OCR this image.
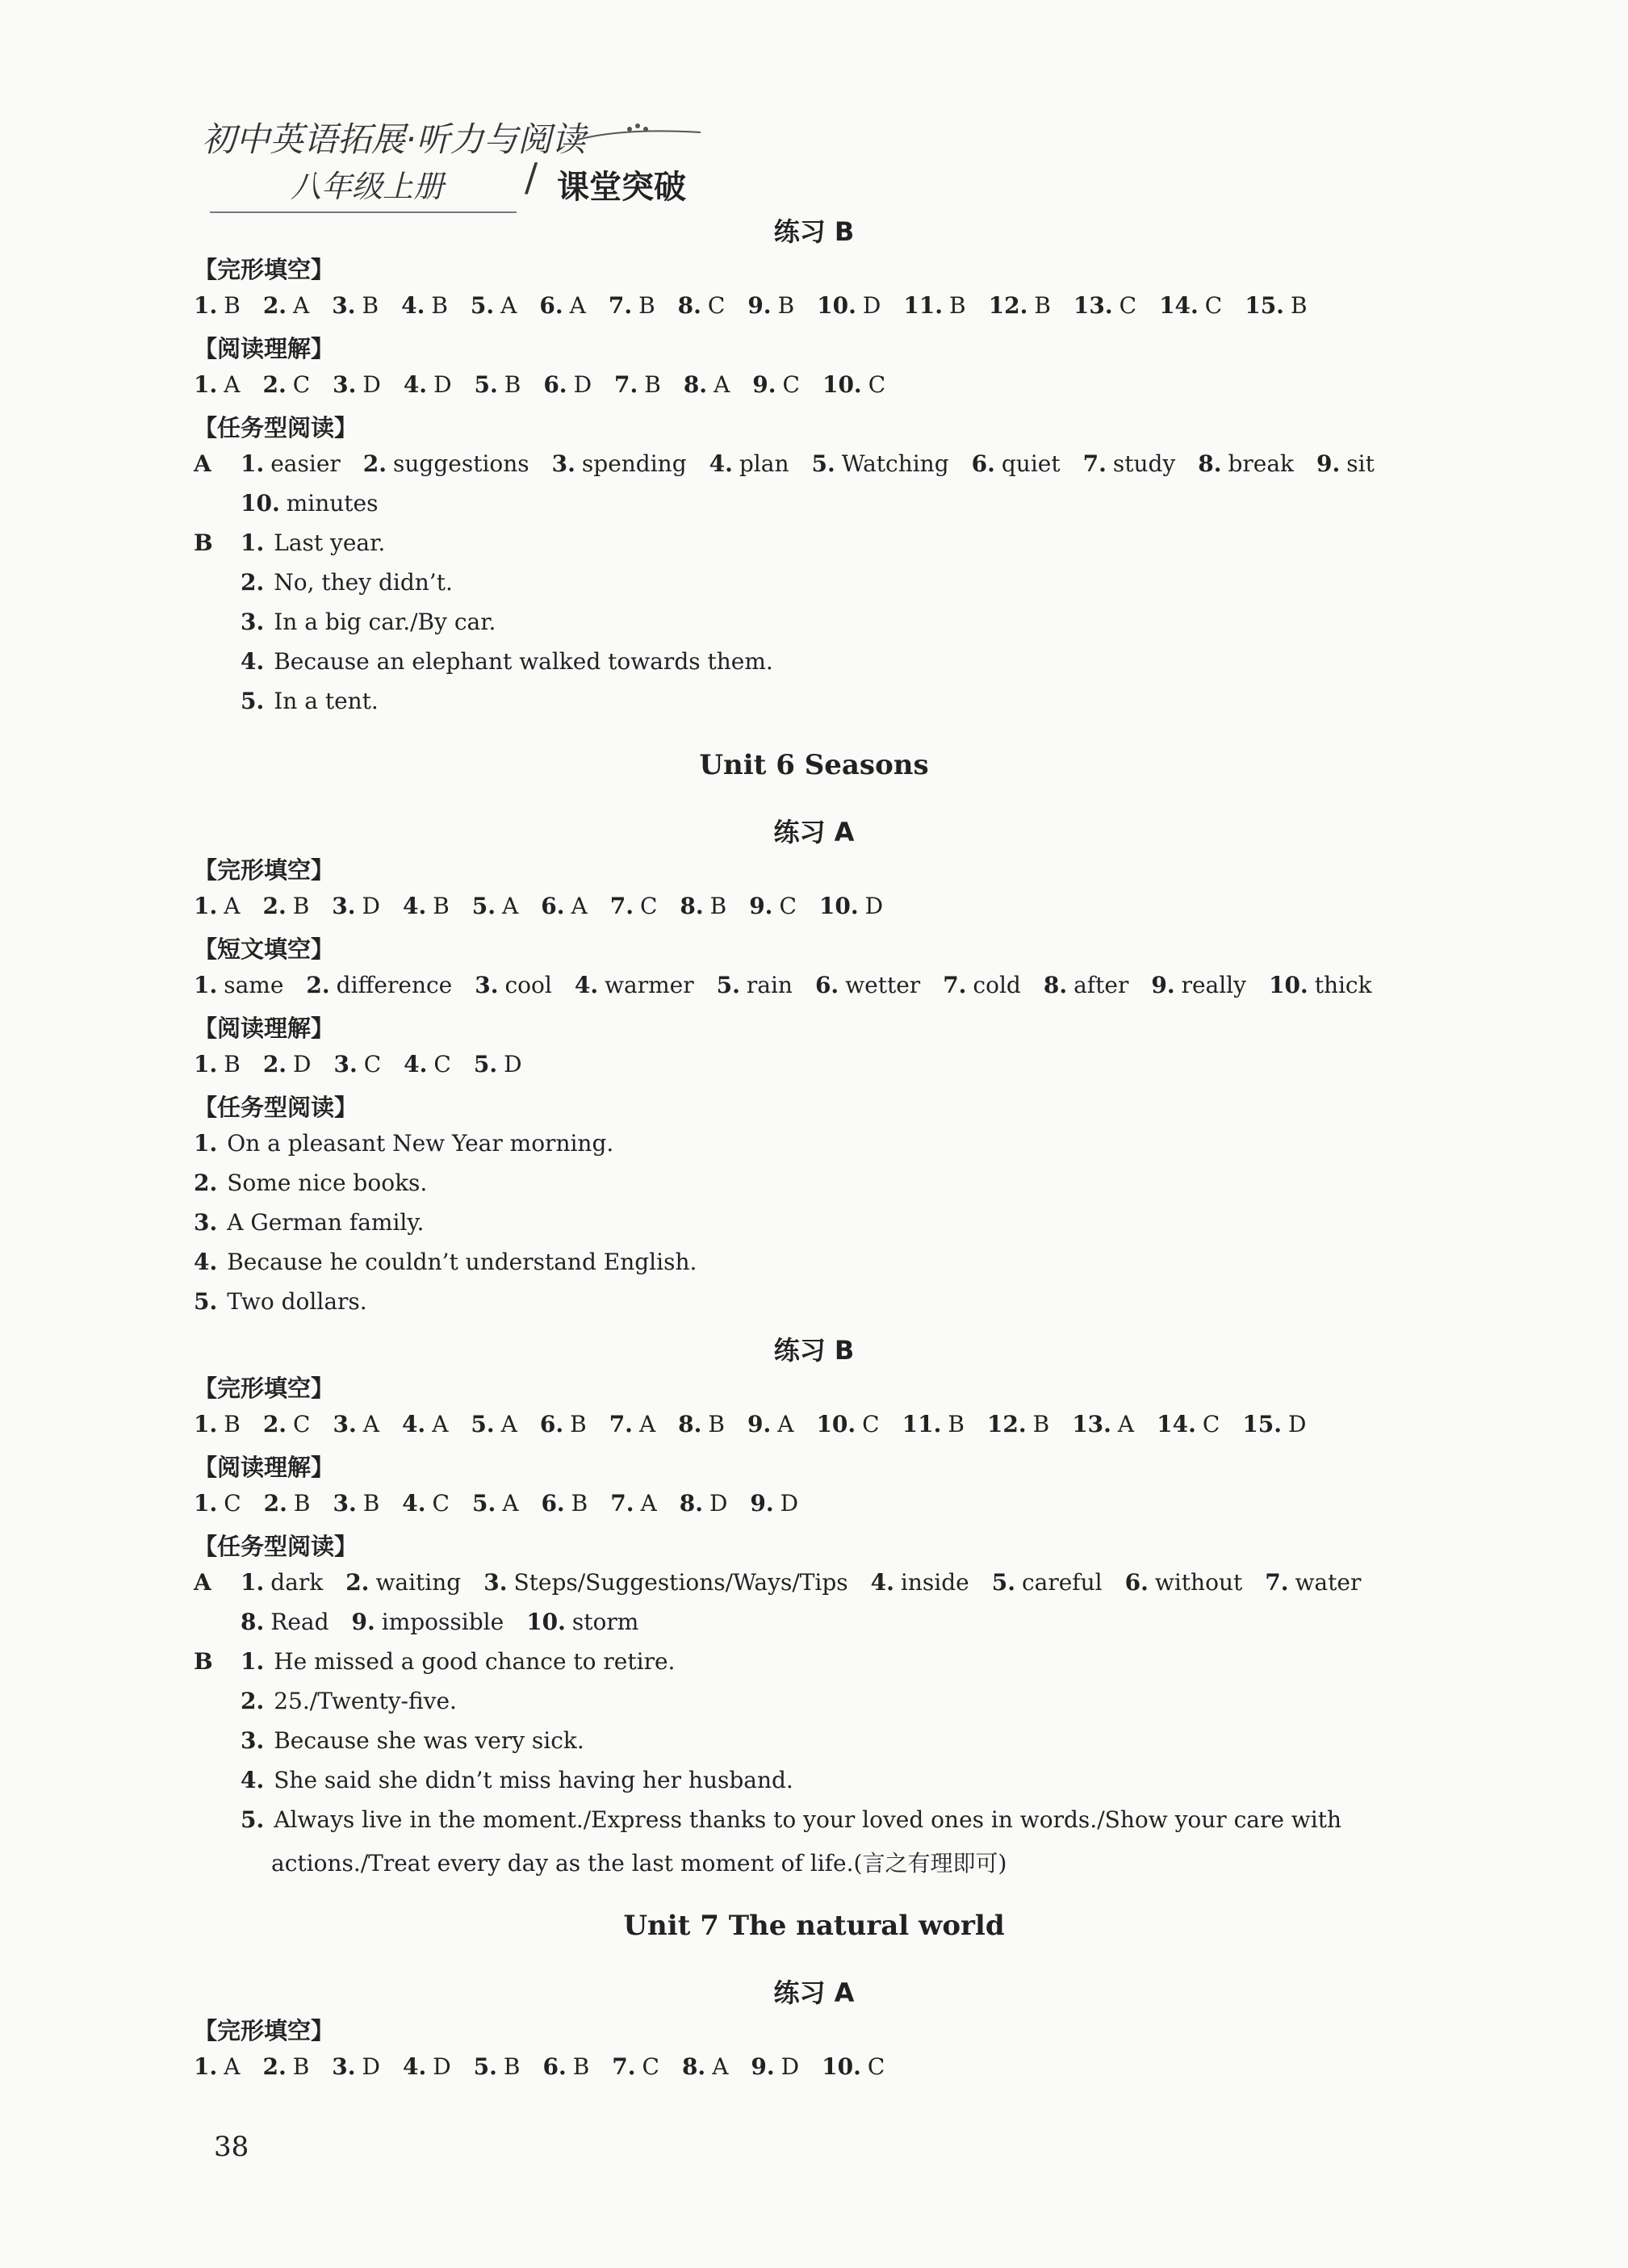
初中英语拓展·听力与阅读
八年级上册 / 课堂突破
练习 B
【完形填空】
1. B 2. A 3. B 4. B 5. A 6. A 7. B 8. C 9. B 10. D 11. B 12. B 13. C 14. C 15. B
【阅读理解】
1. A 2. C 3. D 4. D 5. B 6. D 7. B 8. A 9. C 10. C
【任务型阅读】
A 1. easier 2. suggestions 3. spending 4. plan 5. Watching 6. quiet 7. study 8. break 9. sit
10. minutes
B
Unit 6 Seasons
练习 A
【完形填空】
1. A 2. B 3. D 4. B 5. A 6. A 7. C 8. B 9. C 10. D
【短文填空】
1. same 2. difference 3. cool 4. warmer 5. rain 6. wetter 7. cold 8. after 9. really 10. thick
【阅读理解】
1. B 2. D 3. C 4. C 5. D
【任务型阅读】
练习 B
【完形填空】
1. B 2. C 3. A 4. A 5. A 6. B 7. A 8. B 9. A 10. C 11. B 12. B 13. A 14. C 15. D
【阅读理解】
1. C 2. B 3. B 4. C 5. A 6. B 7. A 8. D 9. D
【任务型阅读】
A 1. dark 2. waiting 3. Steps/Suggestions/Ways/Tips 4. inside 5. careful 6. without 7. water
8. Read 9. impossible 10. storm
B
actions./Treat every day as the last moment of life.(言之有理即可)
Unit 7 The natural world
练习 A
【完形填空】
1. A 2. B 3. D 4. D 5. B 6. B 7. C 8. A 9. D 10. C
38
1. Last year.
2. No, they didn’t.
3. In a big car./By car.
4. Because an elephant walked towards them.
5. In a tent.
1. On a pleasant New Year morning.
2. Some nice books.
3. A German family.
4. Because he couldn’t understand English.
5. Two dollars.
1. He missed a good chance to retire.
2. 25./Twenty-five.
3. Because she was very sick.
4. She said she didn’t miss having her husband.
5. Always live in the moment./Express thanks to your loved ones in words./Show your care with
